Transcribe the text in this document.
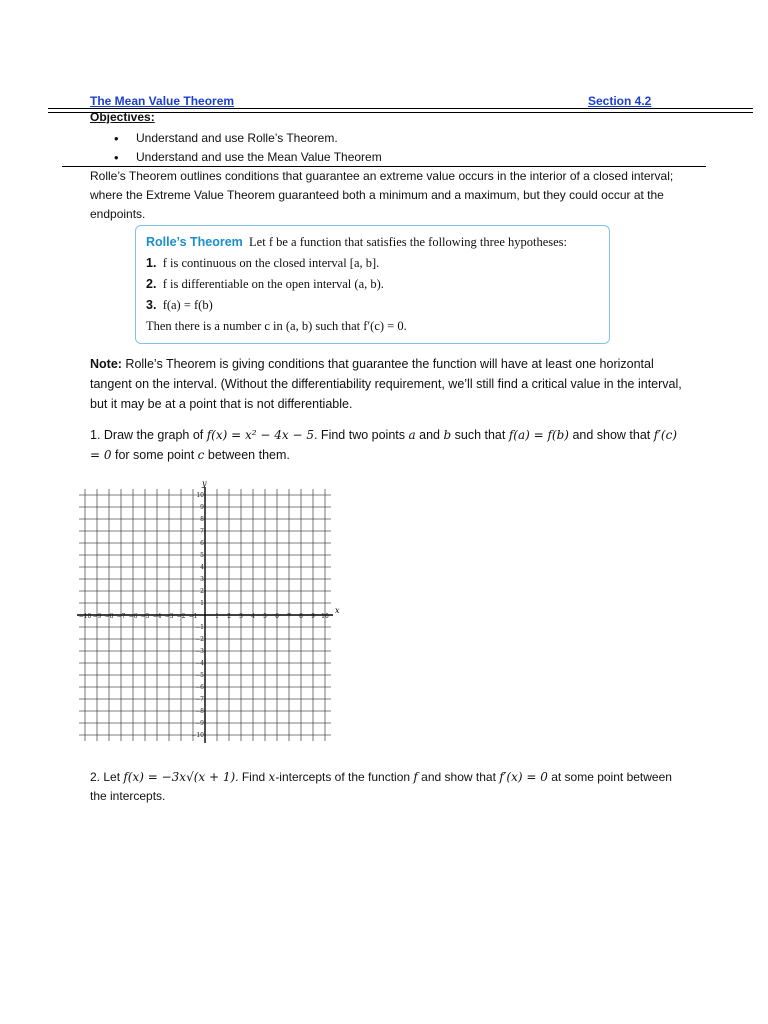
The Mean Value Theorem	Section 4.2
Objectives:
• Understand and use Rolle’s Theorem.
• Understand and use the Mean Value Theorem
Rolle’s Theorem outlines conditions that guarantee an extreme value occurs in the interior of a closed interval; where the Extreme Value Theorem guaranteed both a minimum and a maximum, but they could occur at the endpoints.
Rolle’s Theorem Let f be a function that satisfies the following three hypotheses:
1. f is continuous on the closed interval [a, b].
2. f is differentiable on the open interval (a, b).
3. f(a) = f(b)
Then there is a number c in (a, b) such that f′(c) = 0.
Note: Rolle’s Theorem is giving conditions that guarantee the function will have at least one horizontal tangent on the interval. (Without the differentiability requirement, we’ll still find a critical value in the interval, but it may be at a point that is not differentiable.
1. Draw the graph of f(x) = x² − 4x − 5. Find two points a and b such that f(a) = f(b) and show that f′(c) = 0 for some point c between them.
x
y
−10 −9 −8 −7 −6 −5 −4 −3 −2 −1	1 2 3 4 5 6 7 8 9 10
10
9
8
7
6
5
4
3
2
1
−1
−2
−3
−4
−5
−6
−7
−8
−9
−10
2. Let f(x) = −3x√(x + 1). Find x-intercepts of the function f and show that f′(x) = 0 at some point between the intercepts.
